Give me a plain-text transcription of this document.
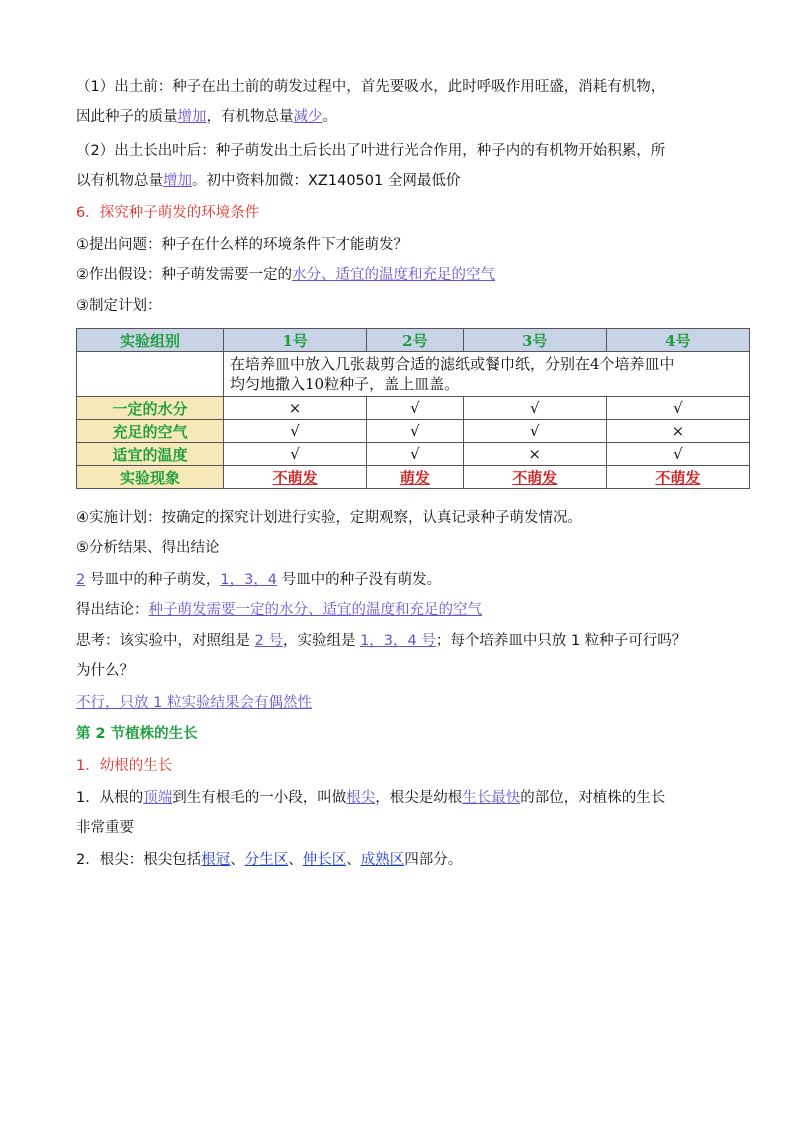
（1）出土前：种子在出土前的萌发过程中，首先要吸水，此时呼吸作用旺盛，消耗有机物，
因此种子的质量增加，有机物总量减少。
（2）出土长出叶后：种子萌发出土后长出了叶进行光合作用，种子内的有机物开始积累，所
以有机物总量增加。初中资料加微：XZ140501 全网最低价
6．探究种子萌发的环境条件
①提出问题：种子在什么样的环境条件下才能萌发？
②作出假设：种子萌发需要一定的水分、适宜的温度和充足的空气
③制定计划：
实验组别	1号	2号	3号	4号

	在培养皿中放入几张裁剪合适的滤纸或餐巾纸，分别在4个培养皿中
均匀地撒入10粒种子，盖上皿盖。			

一定的水分	×	√	√	√
充足的空气	√	√	√	×
适宜的温度	√	√	×	√
实验现象	不萌发	萌发	不萌发	不萌发
④实施计划：按确定的探究计划进行实验，定期观察，认真记录种子萌发情况。
⑤分析结果、得出结论
2 号皿中的种子萌发，1，3，4 号皿中的种子没有萌发。
得出结论：种子萌发需要一定的水分、适宜的温度和充足的空气
思考：该实验中，对照组是 2 号，实验组是 1，3，4 号；每个培养皿中只放 1 粒种子可行吗？
为什么？
不行，只放 1 粒实验结果会有偶然性
第 2 节植株的生长
1．幼根的生长
1．从根的顶端到生有根毛的一小段，叫做根尖，根尖是幼根生长最快的部位，对植株的生长
非常重要
2．根尖：根尖包括根冠、分生区、伸长区、成熟区四部分。
